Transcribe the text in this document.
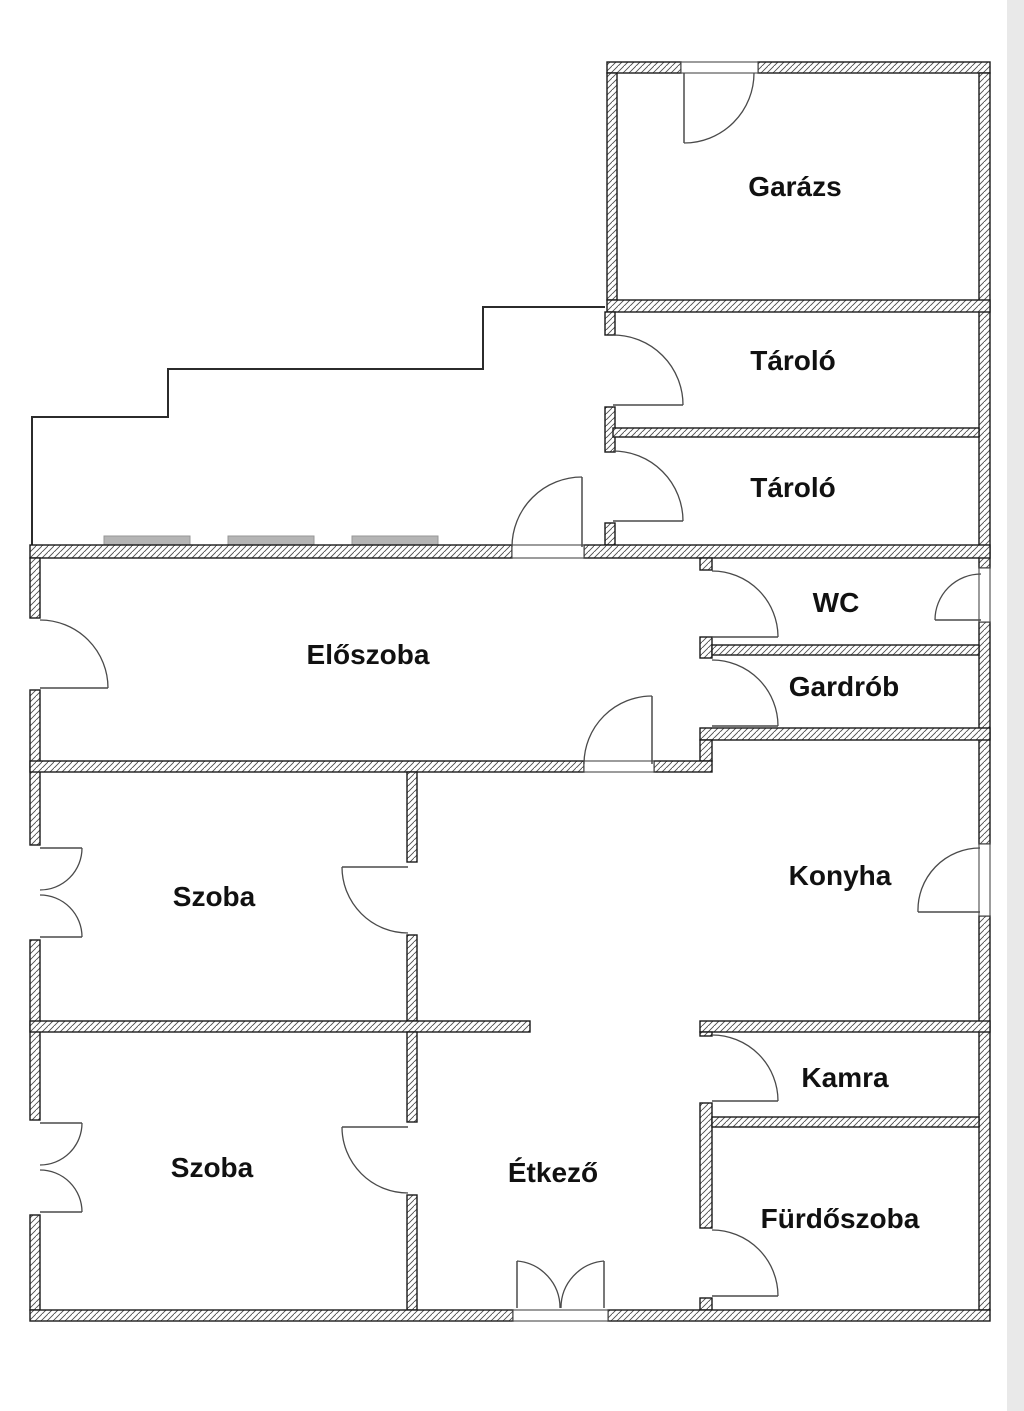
Garázs
Tároló
Tároló
WC
Gardrób
Előszoba
Konyha
Szoba
Kamra
Szoba	Étkező
Fürdőszoba
